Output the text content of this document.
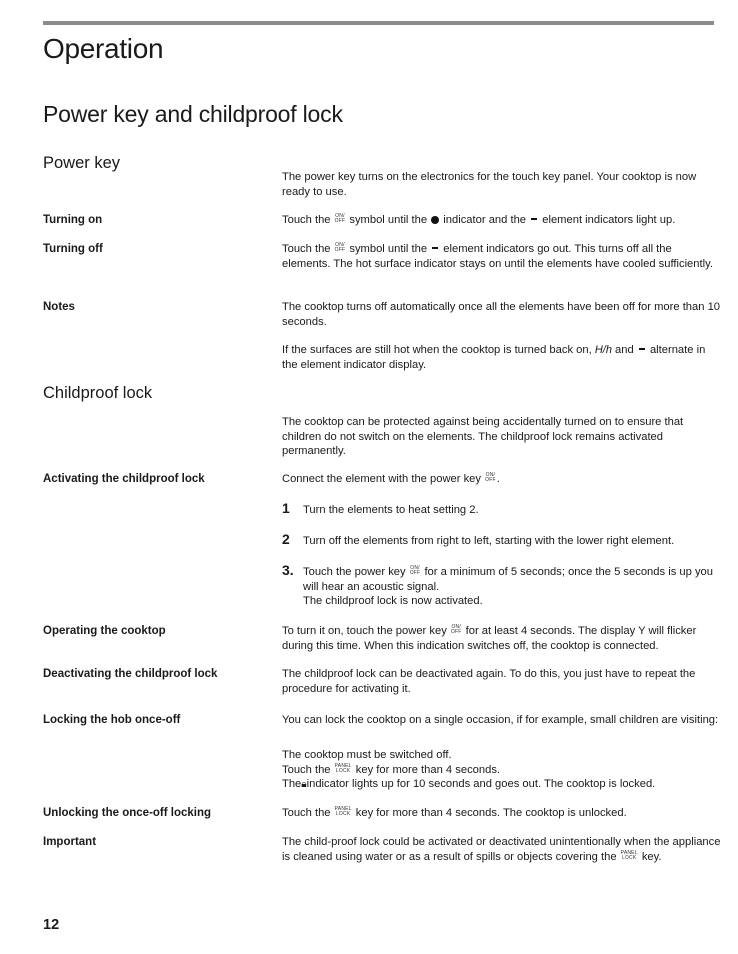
Operation
Power key and childproof lock
Power key
The power key turns on the electronics for the touch key panel. Your cooktop is now ready to use.
Turning on	Touch the ON/
OFF symbol until the indicator and the element indicators light up.
Turning off	Touch the ON/
OFF symbol until the element indicators go out. This turns off all the elements. The hot surface indicator stays on until the elements have cooled sufficiently.
Notes	The cooktop turns off automatically once all the elements have been off for more than 10 seconds.
If the surfaces are still hot when the cooktop is turned back on, H/h and alternate in the element indicator display.
Childproof lock
The cooktop can be protected against being accidentally turned on to ensure that children do not switch on the elements. The childproof lock remains activated permanently.
Activating the childproof lock	Connect the element with the power key ON/
OFF .
1 Turn the elements to heat setting 2.
2 Turn off the elements from right to left, starting with the lower right element.
3. Touch the power key ON/
OFF for a minimum of 5 seconds; once the 5 seconds is up you will hear an acoustic signal.
The childproof lock is now activated.
Operating the cooktop	To turn it on, touch the power key ON/
OFF for at least 4 seconds. The display Y will flicker during this time. When this indication switches off, the cooktop is connected.
Deactivating the childproof lock	The childproof lock can be deactivated again. To do this, you just have to repeat the procedure for activating it.
Locking the hob once-off	You can lock the cooktop on a single occasion, if for example, small children are visiting:
The cooktop must be switched off.
Touch the PANEL
LOCK key for more than 4 seconds.
The🔒︎indicator lights up for 10 seconds and goes out. The cooktop is locked.
Unlocking the once-off locking	Touch the PANEL
LOCK key for more than 4 seconds. The cooktop is unlocked.
Important	The child-proof lock could be activated or deactivated unintentionally when the appliance is cleaned using water or as a result of spills or objects covering the PANEL
LOCK key.
12
